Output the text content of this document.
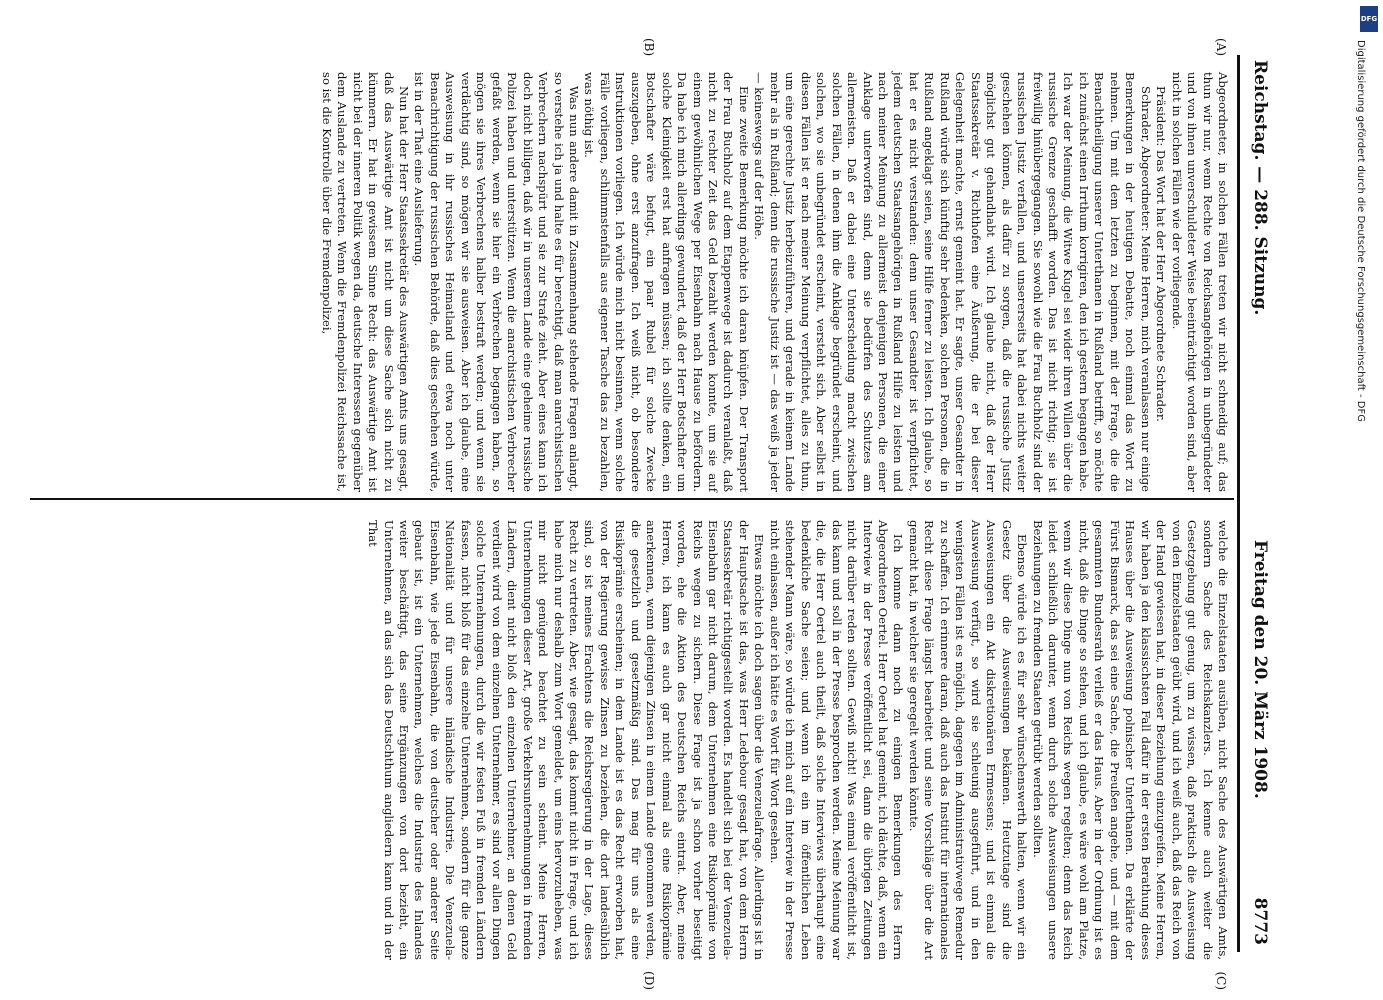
Reichstag. — 288. Sitzung.
Freitag den 20. März 1908.
8773
(A)
(B)
(C)
(D)

Abgeordneter, in solchen Fällen treten wir nicht schneidig auf; das thun wir nur, wenn Rechte von Reichsangehörigen in unbegründeter und von ihnen unverschuldeter Weise beeinträchtigt worden sind, aber nicht in solchen Fällen wie der vorliegende.

Präsident: Das Wort hat der Herr Abgeordnete Schrader.

Schrader, Abgeordneter: Meine Herren, mich veranlassen nur einige Bemerkungen in der heutigen Debatte, noch einmal das Wort zu nehmen. Um mit dem letzten zu beginnen, mit der Frage, die die Benachtheiligung unserer Unterthanen in Rußland betrifft, so möchte ich zunächst einen Irrthum korrigiren, den ich gestern begangen habe. Ich war der Meinung, die Witwe Kugel sei wider ihren Willen über die russische Grenze geschafft worden. Das ist nicht richtig; sie ist freiwillig hinübergegangen. Sie sowohl wie die Frau Buchholz sind der russischen Justiz verfallen, und unsererseits hat dabei nichts weiter geschehen können, als dafür zu sorgen, daß die russische Justiz möglichst gut gehandhabt wird. Ich glaube nicht, daß der Herr Staatssekretär v. Richthofen eine Äußerung, die er bei dieser Gelegenheit machte, ernst gemeint hat. Er sagte, unser Gesandter in Rußland würde sich künftig sehr bedenken, solchen Personen, die in Rußland angeklagt seien, seine Hilfe ferner zu leisten. Ich glaube, so hat er es nicht verstanden: denn unser Gesandter ist verpflichtet, jedem deutschen Staatsangehörigen in Rußland Hilfe zu leisten und nach meiner Meinung zu allermeist denjenigen Personen, die einer Anklage unterworfen sind, denn sie bedürfen des Schutzes am allermeisten. Daß er dabei eine Unterscheidung macht zwischen solchen Fällen, in denen ihm die Anklage begründet erscheint, und solchen, wo sie unbegründet erscheint, versteht sich. Aber selbst in diesen Fällen ist er nach meiner Meinung verpflichtet, alles zu thun, um eine gerechte Justiz herbeizuführen, und gerade in keinem Lande mehr als in Rußland; denn die russische Justiz ist — das weiß ja jeder — keineswegs auf der Höhe.

Eine zweite Bemerkung möchte ich daran knüpfen. Der Transport der Frau Buchholz auf dem Etappenwege ist dadurch veranlaßt, daß nicht zu rechter Zeit das Geld bezahlt werden konnte, um sie auf einem gewöhnlichen Wege per Eisenbahn nach Hause zu befördern. Da habe ich mich allerdings gewundert, daß der Herr Botschafter um solche Kleinigkeit erst hat anfragen müssen; ich sollte denken, ein Botschafter wäre befugt, ein paar Rubel für solche Zwecke auszugeben, ohne erst anzufragen. Ich weiß nicht, ob besondere Instruktionen vorliegen. Ich würde mich nicht besinnen, wenn solche Fälle vorliegen, schlimmstenfalls aus eigener Tasche das zu bezahlen, was nöthig ist.

Was nun andere damit in Zusammenhang stehende Fragen anlangt, so verstehe ich ja und halte es für berechtigt, daß man anarchistischen Verbrechern nachspürt und sie zur Strafe zieht. Aber eines kann ich doch nicht billigen, daß wir in unserem Lande eine geheime russische Polizei haben und unterstützen. Wenn die anarchistischen Verbrecher gefaßt werden, wenn sie hier ein Verbrechen begangen haben, so mögen sie ihres Verbrechens halber bestraft werden; und wenn sie verdächtig sind, so mögen wir sie ausweisen. Aber ich glaube, eine Ausweisung in ihr russisches Heimatland und etwa noch unter Benachrichtigung der russischen Behörde, daß dies geschehen würde, ist in der That eine Auslieferung.

Nun hat der Herr Staatssekretär des Auswärtigen Amts uns gesagt, daß das Auswärtige Amt ist nicht um diese Sache sich nicht zu kümmern. Er hat in gewissem Sinne Recht: das Auswärtige Amt ist nicht bei der inneren Politik wegen da, deutsche Interessen gegenüber dem Auslande zu vertreten. Wenn die Fremdenpolizei Reichssache ist, so ist die Kontrolle über die Fremdenpolizei,

welche die Einzelstaaten ausüben, nicht Sache des Auswärtigen Amts, sondern Sache des Reichskanzlers. Ich kenne auch weiter die Gesetzgebung gut genug, um zu wissen, daß praktisch die Ausweisung von den Einzelstaaten geübt wird, und ich weiß auch, daß das Reich von der Hand gewiesen hat, in dieser Beziehung einzugreifen. Meine Herren, wir haben ja den klassischsten Fall dafür in der ersten Berathung dieses Hauses über die Ausweisung polnischer Unterthanen. Da erklärte der Fürst Bismarck, das sei eine Sache, die Preußen angehe, und — mit dem gesammten Bundesrath verließ er das Haus. Aber in der Ordnung ist es nicht, daß die Dinge so stehen, und ich glaube, es wäre wohl am Platze, wenn wir diese Dinge nun von Reichs wegen regelten; denn das Reich leidet schließlich darunter, wenn durch solche Ausweisungen unsere Beziehungen zu fremden Staaten getrübt werden sollten.

Ebenso würde ich es für sehr wünschenswerth halten, wenn wir ein Gesetz über die Ausweisungen bekämen. Heutzutage sind die Ausweisungen ein Akt diskretionären Ermessens; und ist einmal die Ausweisung verfügt, so wird sie schleunig ausgeführt, und in den wenigsten Fällen ist es möglich, dagegen im Administrativwege Remedur zu schaffen. Ich erinnere daran, daß auch das Institut für internationales Recht diese Frage längst bearbeitet und seine Vorschläge über die Art gemacht hat, in welcher sie geregelt werden könnte.

Ich komme dann noch zu einigen Bemerkungen des Herrn Abgeordneten Oertel. Herr Oertel hat gemeint, ich dächte, daß, wenn ein Interview in der Presse veröffentlicht sei, dann die übrigen Zeitungen nicht darüber reden sollten. Gewiß nicht! Was einmal veröffentlicht ist, das kann und soll in der Presse besprochen werden. Meine Meinung war die, die Herr Oertel auch theilt, daß solche Interviews überhaupt eine bedenkliche Sache seien; und wenn ich ein im öffentlichen Leben stehender Mann wäre, so würde ich mich auf ein Interview in der Presse nicht einlassen, außer ich hätte es Wort für Wort gesehen.

Etwas möchte ich doch sagen über die Venezuelafrage. Allerdings ist in der Hauptsache ist das, was Herr Ledebour gesagt hat, von dem Herrn Staatssekretär richtiggestellt worden. Es handelt sich bei der Venezuela-Eisenbahn gar nicht darum, dem Unternehmen eine Risikoprämie von Reichs wegen zu sichern. Diese Frage ist ja schon vorher beseitigt worden, ehe die Aktion des Deutschen Reichs eintrat. Aber, meine Herren, ich kann es auch gar nicht einmal als eine Risikoprämie anerkennen, wenn diejenigen Zinsen in einem Lande genommen werden, die gesetzlich und gesetzmäßig sind. Das mag für uns als eine Risikoprämie erscheinen; in dem Lande ist es das Recht erworben hat, von der Regierung gewisse Zinsen zu beziehen, die dort landesüblich sind, so ist meines Erachtens die Reichsregierung in der Lage, dieses Recht zu vertreten. Aber, wie gesagt, das kommt nicht in Frage, und ich habe mich nur deshalb zum Wort gemeldet, um eins hervorzuheben, was mir nicht genügend beachtet zu sein scheint. Meine Herren, Unternehmungen dieser Art, große Verkehrsunternehmungen in fremden Ländern, dient nicht bloß den einzelnen Unternehmer, an denen Geld verdient wird von dem einzelnen Unternehmer, es sind vor allen Dingen solche Unternehmungen, durch die wir festen Fuß in fremden Ländern fassen, nicht bloß für das einzelne Unternehmen, sondern für die ganze Nationalität und für unsere inländische Industrie. Die Venezuela-Eisenbahn, wie jede Eisenbahn, die von deutscher oder anderer Seite gebaut ist, ist ein Unternehmen, welches die Industrie des Inlandes weiter beschäftigt, das seine Ergänzungen von dort bezieht, ein Unternehmen, an das sich das Deutschthum angliedern kann und in der That

DFG
Digitalisierung gefördert durch die Deutsche Forschungsgemeinschaft - DFG
